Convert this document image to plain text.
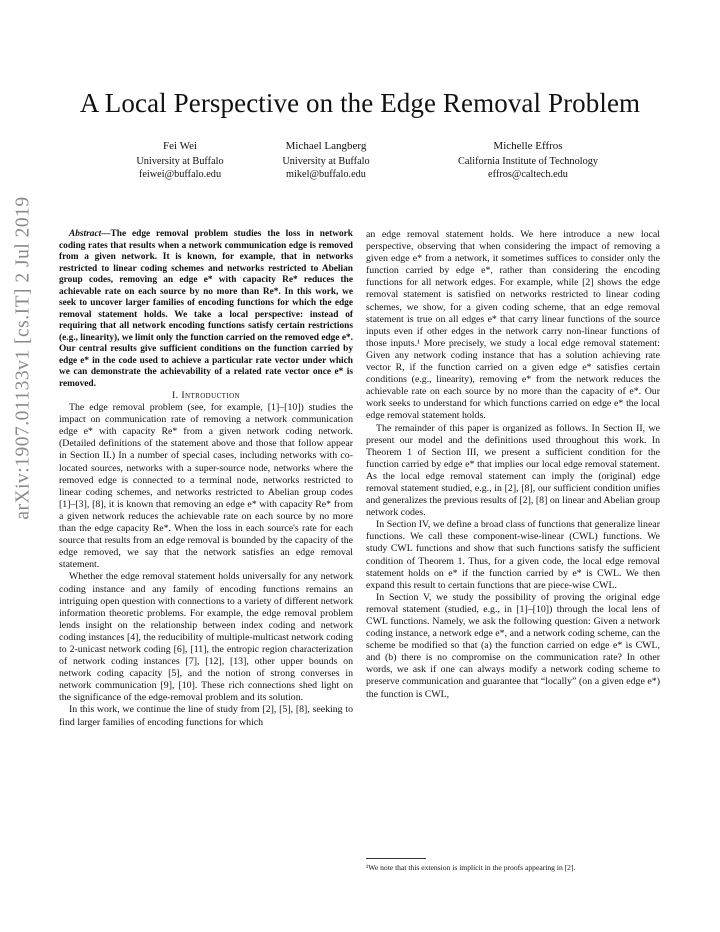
arXiv:1907.01133v1 [cs.IT] 2 Jul 2019
A Local Perspective on the Edge Removal Problem
Fei Wei
University at Buffalo
feiwei@buffalo.edu
Michael Langberg
University at Buffalo
mikel@buffalo.edu
Michelle Effros
California Institute of Technology
effros@caltech.edu

Abstract—The edge removal problem studies the loss in network coding rates that results when a network communication edge is removed from a given network. It is known, for example, that in networks restricted to linear coding schemes and networks restricted to Abelian group codes, removing an edge e* with capacity Re* reduces the achievable rate on each source by no more than Re*. In this work, we seek to uncover larger families of encoding functions for which the edge removal statement holds. We take a local perspective: instead of requiring that all network encoding functions satisfy certain restrictions (e.g., linearity), we limit only the function carried on the removed edge e*. Our central results give sufficient conditions on the function carried by edge e* in the code used to achieve a particular rate vector under which we can demonstrate the achievability of a related rate vector once e* is removed.

I. Introduction

The edge removal problem (see, for example, [1]–[10]) studies the impact on communication rate of removing a network communication edge e* with capacity Re* from a given network coding network. (Detailed definitions of the statement above and those that follow appear in Section II.) In a number of special cases, including networks with co-located sources, networks with a super-source node, networks where the removed edge is connected to a terminal node, networks restricted to linear coding schemes, and networks restricted to Abelian group codes [1]–[3], [8], it is known that removing an edge e* with capacity Re* from a given network reduces the achievable rate on each source by no more than the edge capacity Re*. When the loss in each source's rate for each source that results from an edge removal is bounded by the capacity of the edge removed, we say that the network satisfies an edge removal statement.

Whether the edge removal statement holds universally for any network coding instance and any family of encoding functions remains an intriguing open question with connections to a variety of different network information theoretic problems. For example, the edge removal problem lends insight on the relationship between index coding and network coding instances [4], the reducibility of multiple-multicast network coding to 2-unicast network coding [6], [11], the entropic region characterization of network coding instances [7], [12], [13], other upper bounds on network coding capacity [5], and the notion of strong converses in network communication [9], [10]. These rich connections shed light on the significance of the edge-removal problem and its solution.

In this work, we continue the line of study from [2], [5], [8], seeking to find larger families of encoding functions for which

an edge removal statement holds. We here introduce a new local perspective, observing that when considering the impact of removing a given edge e* from a network, it sometimes suffices to consider only the function carried by edge e*, rather than considering the encoding functions for all network edges. For example, while [2] shows the edge removal statement is satisfied on networks restricted to linear coding schemes, we show, for a given coding scheme, that an edge removal statement is true on all edges e* that carry linear functions of the source inputs even if other edges in the network carry non-linear functions of those inputs.¹ More precisely, we study a local edge removal statement: Given any network coding instance that has a solution achieving rate vector R, if the function carried on a given edge e* satisfies certain conditions (e.g., linearity), removing e* from the network reduces the achievable rate on each source by no more than the capacity of e*. Our work seeks to understand for which functions carried on edge e* the local edge removal statement holds.

The remainder of this paper is organized as follows. In Section II, we present our model and the definitions used throughout this work. In Theorem 1 of Section III, we present a sufficient condition for the function carried by edge e* that implies our local edge removal statement. As the local edge removal statement can imply the (original) edge removal statement studied, e.g., in [2], [8], our sufficient condition unifies and generalizes the previous results of [2], [8] on linear and Abelian group network codes.

In Section IV, we define a broad class of functions that generalize linear functions. We call these component-wise-linear (CWL) functions. We study CWL functions and show that such functions satisfy the sufficient condition of Theorem 1. Thus, for a given code, the local edge removal statement holds on e* if the function carried by e* is CWL. We then expand this result to certain functions that are piece-wise CWL.

In Section V, we study the possibility of proving the original edge removal statement (studied, e.g., in [1]–[10]) through the local lens of CWL functions. Namely, we ask the following question: Given a network coding instance, a network edge e*, and a network coding scheme, can the scheme be modified so that (a) the function carried on edge e* is CWL, and (b) there is no compromise on the communication rate? In other words, we ask if one can always modify a network coding scheme to preserve communication and guarantee that “locally” (on a given edge e*) the function is CWL,

¹We note that this extension is implicit in the proofs appearing in [2].
